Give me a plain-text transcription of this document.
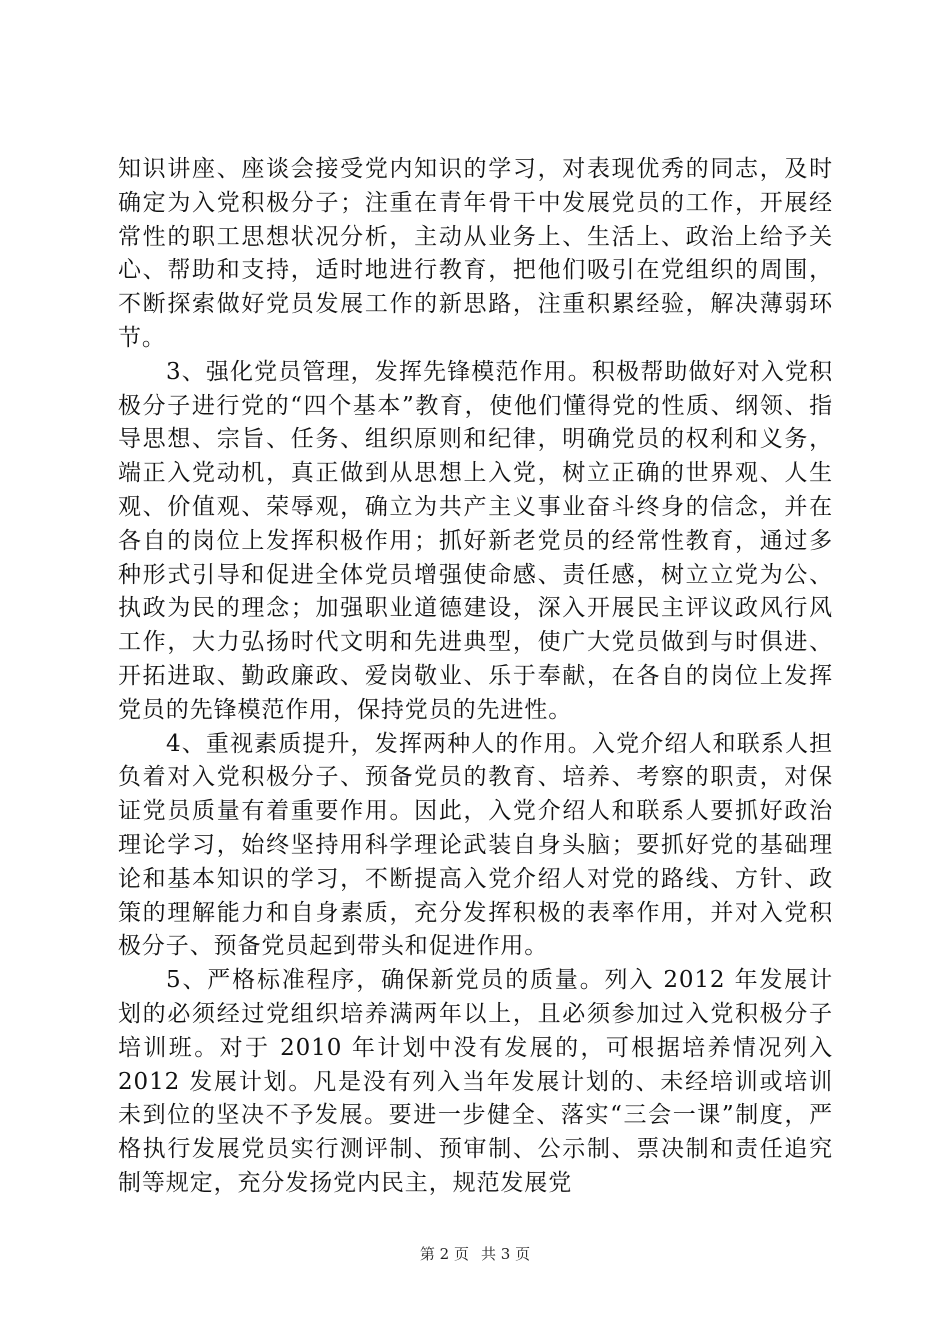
知识讲座、座谈会接受党内知识的学习，对表现优秀的同志，及时确定为入党积极分子；注重在青年骨干中发展党员的工作，开展经常性的职工思想状况分析，主动从业务上、生活上、政治上给予关心、帮助和支持，适时地进行教育，把他们吸引在党组织的周围，不断探索做好党员发展工作的新思路，注重积累经验，解决薄弱环节。

3、强化党员管理，发挥先锋模范作用。积极帮助做好对入党积极分子进行党的“四个基本”教育，使他们懂得党的性质、纲领、指导思想、宗旨、任务、组织原则和纪律，明确党员的权利和义务，端正入党动机，真正做到从思想上入党，树立正确的世界观、人生观、价值观、荣辱观，确立为共产主义事业奋斗终身的信念，并在各自的岗位上发挥积极作用；抓好新老党员的经常性教育，通过多种形式引导和促进全体党员增强使命感、责任感，树立立党为公、执政为民的理念；加强职业道德建设，深入开展民主评议政风行风工作，大力弘扬时代文明和先进典型，使广大党员做到与时俱进、开拓进取、勤政廉政、爱岗敬业、乐于奉献，在各自的岗位上发挥党员的先锋模范作用，保持党员的先进性。

4、重视素质提升，发挥两种人的作用。入党介绍人和联系人担负着对入党积极分子、预备党员的教育、培养、考察的职责，对保证党员质量有着重要作用。因此，入党介绍人和联系人要抓好政治理论学习，始终坚持用科学理论武装自身头脑；要抓好党的基础理论和基本知识的学习，不断提高入党介绍人对党的路线、方针、政策的理解能力和自身素质，充分发挥积极的表率作用，并对入党积极分子、预备党员起到带头和促进作用。

5、严格标准程序，确保新党员的质量。列入 2012 年发展计划的必须经过党组织培养满两年以上，且必须参加过入党积极分子培训班。对于 2010 年计划中没有发展的，可根据培养情况列入 2012 发展计划。凡是没有列入当年发展计划的、未经培训或培训未到位的坚决不予发展。要进一步健全、落实“三会一课”制度，严格执行发展党员实行测评制、预审制、公示制、票决制和责任追究制等规定，充分发扬党内民主，规范发展党

第 2 页 共 3 页
